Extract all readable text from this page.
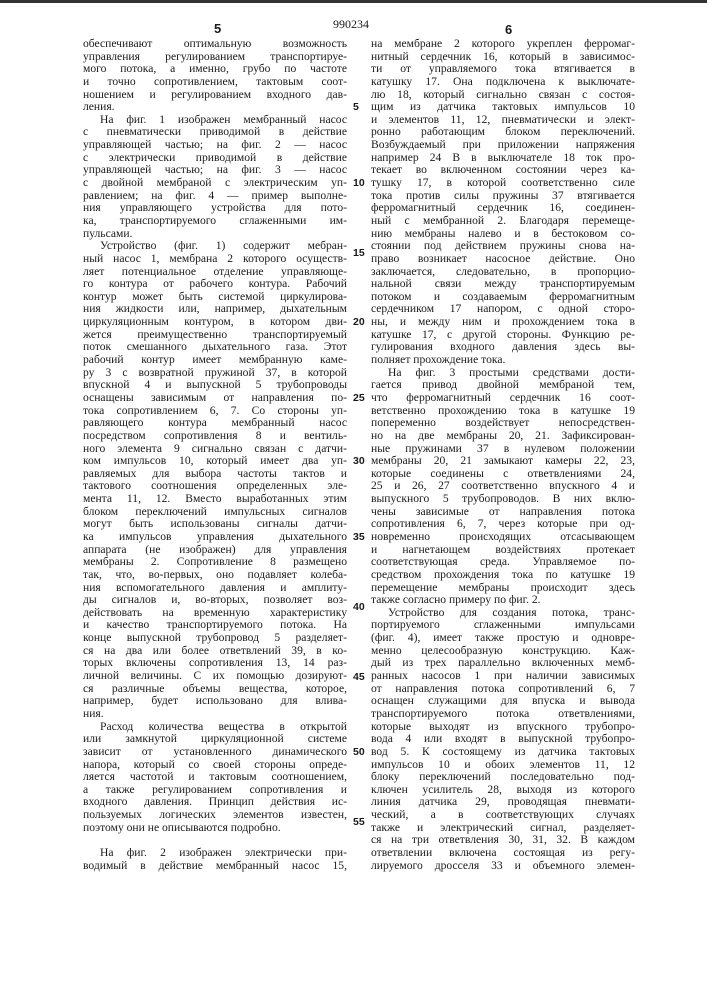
5	990234	6
обеспечивают оптимальную возможность
управления регулированием транспортируе-
мого потока, а именно, грубо по частоте
и точно сопротивлением, тактовым соот-
ношением и регулированием входного дав-
ления.
На фиг. 1 изображен мембранный насос
с пневматически приводимой в действие
управляющей частью; на фиг. 2 — насос
с электрически приводимой в действие
управляющей частью; на фиг. 3 — насос
с двойной мембраной с электрическим уп-
равлением; на фиг. 4 — пример выполне-
ния управляющего устройства для пото-
ка, транспортируемого сглаженными им-
пульсами.
Устройство (фиг. 1) содержит мебран-
ный насос 1, мембрана 2 которого осуществ-
ляет потенциальное отделение управляюще-
го контура от рабочего контура. Рабочий
контур может быть системой циркулирова-
ния жидкости или, например, дыхательным
циркуляционным контуром, в котором дви-
жется преимущественно транспортируемый
поток смешанного дыхательного газа. Этот
рабочий контур имеет мембранную каме-
ру 3 с возвратной пружиной 37, в которой
впускной 4 и выпускной 5 трубопроводы
оснащены зависимым от направления по-
тока сопротивлением 6, 7. Со стороны уп-
равляющего контура мембранный насос
посредством сопротивления 8 и вентиль-
ного элемента 9 сигнально связан с датчи-
ком импульсов 10, который имеет два уп-
равляемых для выбора частоты тактов и
тактового соотношения определенных эле-
мента 11, 12. Вместо выработанных этим
блоком переключений импульсных сигналов
могут быть использованы сигналы датчи-
ка импульсов управления дыхательного
аппарата (не изображен) для управления
мембраны 2. Сопротивление 8 размещено
так, что, во-первых, оно подавляет колеба-
ния вспомогательного давления и амплиту-
ды сигналов и, во-вторых, позволяет воз-
действовать на временную характеристику
и качество транспортируемого потока. На
конце выпускной трубопровод 5 разделяет-
ся на два или более ответвлений 39, в ко-
торых включены сопротивления 13, 14 раз-
личной величины. С их помощью дозируют-
ся различные объемы вещества, которое,
например, будет использовано для влива-
ния.
Расход количества вещества в открытой
или замкнутой циркуляционной системе
зависит от установленного динамического
напора, который со своей стороны опреде-
ляется частотой и тактовым соотношением,
а также регулированием сопротивления и
входного давления. Принцип действия ис-
пользуемых логических элементов известен,
поэтому они не описываются подробно.
На фиг. 2 изображен электрически при-
водимый в действие мембранный насос 15,
на мембране 2 которого укреплен ферромаг-
нитный сердечник 16, который в зависимос-
ти от управляемого тока втягивается в
катушку 17. Она подключена к выключате-
лю 18, который сигнально связан с состоя-
щим из датчика тактовых импульсов 10
и элементов 11, 12, пневматически и элект-
ронно работающим блоком переключений.
Возбуждаемый при приложении напряжения
например 24 В в выключателе 18 ток про-
текает во включенном состоянии через ка-
тушку 17, в которой соответственно силе
тока против силы пружины 37 втягивается
ферромагнитный сердечник 16, соединен-
ный с мембранной 2. Благодаря перемеще-
нию мембраны налево и в бестоковом со-
стоянии под действием пружины снова на-
право возникает насосное действие. Оно
заключается, следовательно, в пропорцио-
нальной связи между транспортируемым
потоком и создаваемым ферромагнитным
сердечником 17 напором, с одной сторо-
ны, и между ним и прохождением тока в
катушке 17, с другой стороны. Функцию ре-
гулирования входного давления здесь вы-
полняет прохождение тока.
На фиг. 3 простыми средствами дости-
гается привод двойной мембраной тем,
что ферромагнитный сердечник 16 соот-
ветственно прохождению тока в катушке 19
попеременно воздействует непосредствен-
но на две мембраны 20, 21. Зафиксирован-
ные пружинами 37 в нулевом положении
мембраны 20, 21 замыкают камеры 22, 23,
которые соединены с ответвлениями 24,
25 и 26, 27 соответственно впускного 4 и
выпускного 5 трубопроводов. В них вклю-
чены зависимые от направления потока
сопротивления 6, 7, через которые при од-
новременно происходящих отсасывающем
и нагнетающем воздействиях протекает
соответствующая среда. Управляемое по-
средством прохождения тока по катушке 19
перемещение мембраны происходит здесь
также согласно примеру по фиг. 2.
Устройство для создания потока, транс-
портируемого сглаженными импульсами
(фиг. 4), имеет также простую и одновре-
менно целесообразную конструкцию. Каж-
дый из трех параллельно включенных мемб-
ранных насосов 1 при наличии зависимых
от направления потока сопротивлений 6, 7
оснащен служащими для впуска и вывода
транспортируемого потока ответвлениями,
которые выходят из впускного трубопро-
вода 4 или входят в выпускной трубопро-
вод 5. К состоящему из датчика тактовых
импульсов 10 и обоих элементов 11, 12
блоку переключений последовательно под-
ключен усилитель 28, выходя из которого
линия датчика 29, проводящая пневмати-
ческий, а в соответствующих случаях
также и электрический сигнал, разделяет-
ся на три ответвления 30, 31, 32. В каждом
ответвлении включена состоящая из регу-
лируемого дросселя 33 и объемного элемен-
5
10
15
20
25
30
35
40
45
50
55
